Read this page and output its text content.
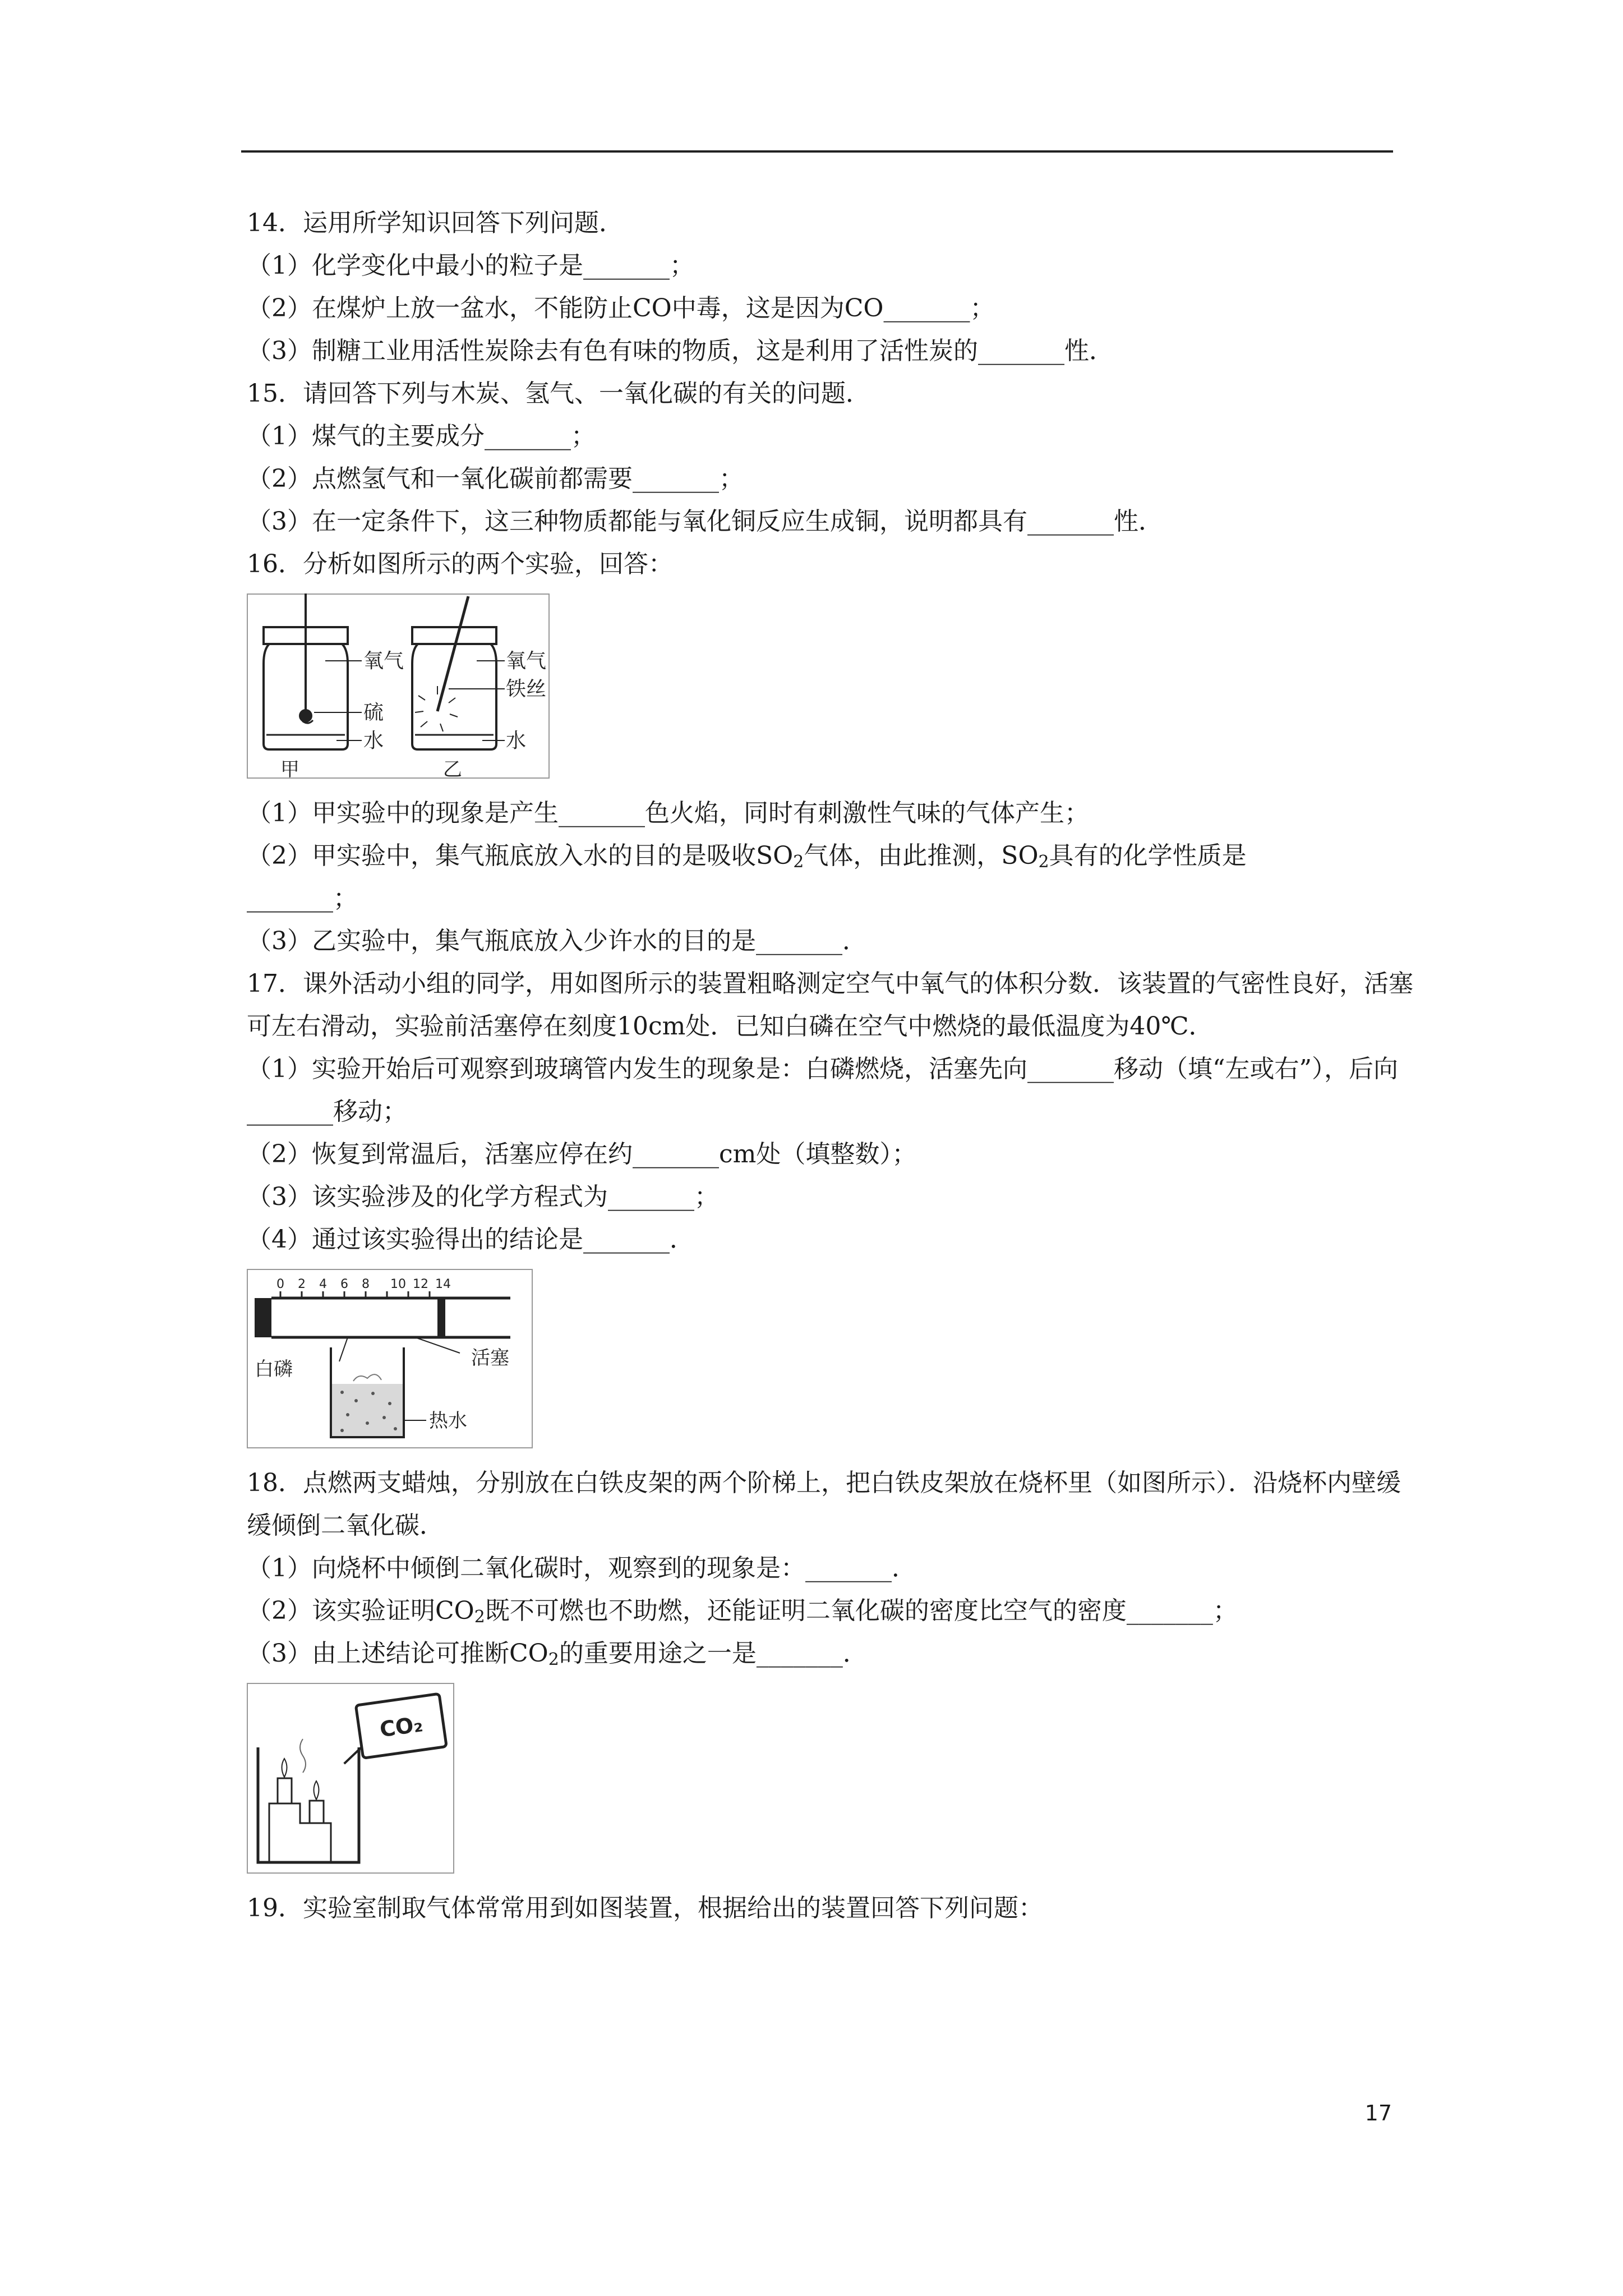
14．运用所学知识回答下列问题．
（1）化学变化中最小的粒子是_______；
（2）在煤炉上放一盆水，不能防止CO中毒，这是因为CO_______；
（3）制糖工业用活性炭除去有色有味的物质，这是利用了活性炭的_______性．
15．请回答下列与木炭、氢气、一氧化碳的有关的问题．
（1）煤气的主要成分_______；
（2）点燃氢气和一氧化碳前都需要_______；
（3）在一定条件下，这三种物质都能与氧化铜反应生成铜，说明都具有_______性．
16．分析如图所示的两个实验，回答：
氧气
硫
水
甲
氧气
铁丝
水
乙
（1）甲实验中的现象是产生_______色火焰，同时有刺激性气味的气体产生；
（2）甲实验中，集气瓶底放入水的目的是吸收$SO_2$气体，由此推测，$SO_2$具有的化学性质是
_______；
（3）乙实验中，集气瓶底放入少许水的目的是_______．
17．课外活动小组的同学，用如图所示的装置粗略测定空气中氧气的体积分数．该装置的气密性良好，活塞可左右滑动，实验前活塞停在刻度10cm处．已知白磷在空气中燃烧的最低温度为40℃．
（1）实验开始后可观察到玻璃管内发生的现象是：白磷燃烧，活塞先向_______移动（填“左或右”），后向_______移动；
（2）恢复到常温后，活塞应停在约_______cm处（填整数）；
（3）该实验涉及的化学方程式为_______；
（4）通过该实验得出的结论是_______．
0 2 4 6 8 10 12 14
白磷	活塞
热水
18．点燃两支蜡烛，分别放在白铁皮架的两个阶梯上，把白铁皮架放在烧杯里（如图所示）．沿烧杯内壁缓缓倾倒二氧化碳．
（1）向烧杯中倾倒二氧化碳时，观察到的现象是：_______．
（2）该实验证明$CO_2$既不可燃也不助燃，还能证明二氧化碳的密度比空气的密度_______；
（3）由上述结论可推断$CO_2$的重要用途之一是_______．
CO₂
19．实验室制取气体常常用到如图装置，根据给出的装置回答下列问题：
17
